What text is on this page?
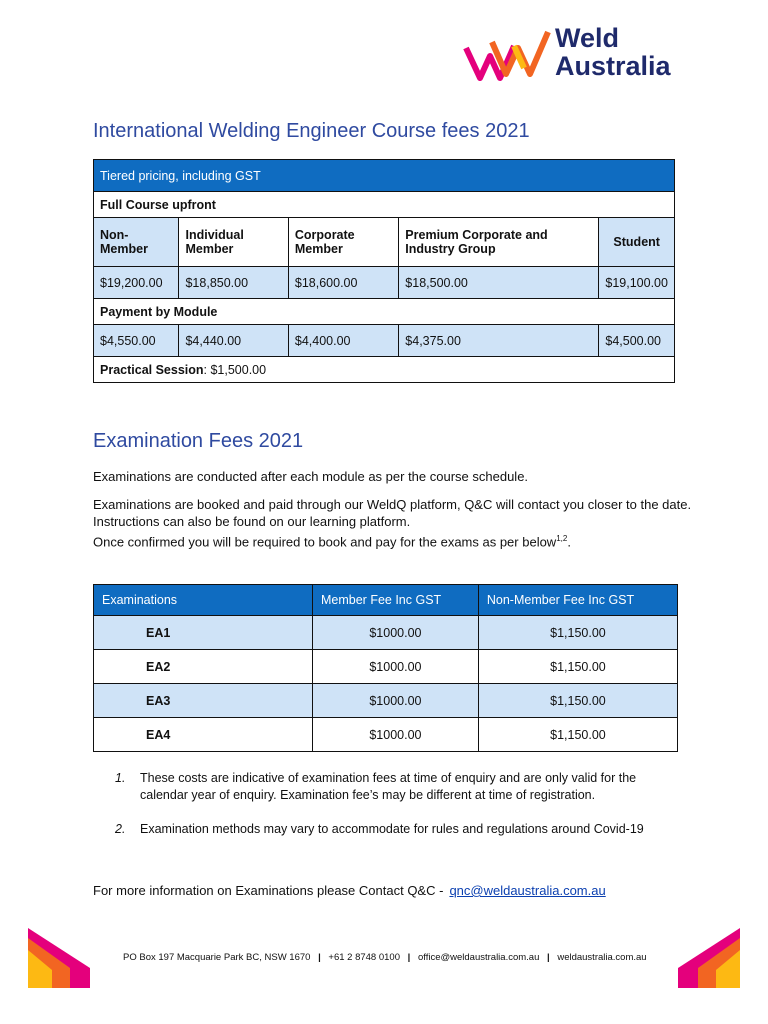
Weld
Australia
International Welding Engineer Course fees 2021
Tiered pricing, including GST				
Full Course upfront				
Non-Member	Individual Member	Corporate Member	Premium Corporate and Industry Group	Student
$19,200.00	$18,850.00	$18,600.00	$18,500.00	$19,100.00
Payment by Module				
$4,550.00	$4,440.00	$4,400.00	$4,375.00	$4,500.00
Practical Session: $1,500.00				
Examination Fees 2021
Examinations are conducted after each module as per the course schedule.
Examinations are booked and paid through our WeldQ platform, Q&C will contact you closer to the date. Instructions can also be found on our learning platform.
Once confirmed you will be required to book and pay for the exams as per below$^{1,2}$.
Examinations	Member Fee Inc GST	Non-Member Fee Inc GST
EA1	$1000.00	$1,150.00
EA2	$1000.00	$1,150.00
EA3	$1000.00	$1,150.00
EA4	$1000.00	$1,150.00
1. These costs are indicative of examination fees at time of enquiry and are only valid for the calendar year of enquiry. Examination fee’s may be different at time of registration.
2. Examination methods may vary to accommodate for rules and regulations around Covid-19
For more information on Examinations please Contact Q&C - qnc@weldaustralia.com.au
PO Box 197 Macquarie Park BC, NSW 1670 | +61 2 8748 0100 | office@weldaustralia.com.au | weldaustralia.com.au
